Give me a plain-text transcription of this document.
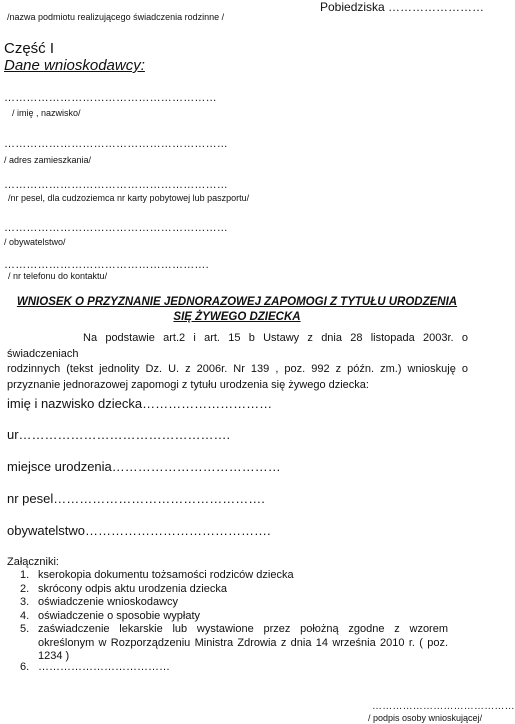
/nazwa podmiotu realizującego świadczenia rodzinne /
Pobiedziska ……………………
Część I
Dane wnioskodawcy:
…………………………………………………
/ imię , nazwisko/
……………………………………………………
/ adres zamieszkania/
……………………………………………………
/nr pesel, dla cudzoziemca nr karty pobytowej lub paszportu/
……………………………………………………
/ obywatelstwo/
……………………………………………….
/ nr telefonu do kontaktu/
WNIOSEK O PRZYZNANIE JEDNORAZOWEJ ZAPOMOGI Z TYTUŁU URODZENIA
SIĘ ŻYWEGO DZIECKA
Na podstawie art.2 i art. 15 b Ustawy z dnia 28 listopada 2003r. o świadczeniach
rodzinnych (tekst jednolity Dz. U. z 2006r. Nr 139 , poz. 992 z późn. zm.) wnioskuję o
przyznanie jednorazowej zapomogi z tytułu urodzenia się żywego dziecka:
imię i nazwisko dziecka…………………………
ur………………………………………….
miejsce urodzenia…………………………………
nr pesel………………………………………….
obywatelstwo…………………………………….
Załączniki:
1. kserokopia dokumentu tożsamości rodziców dziecka
2. skrócony odpis aktu urodzenia dziecka
3. oświadczenie wnioskodawcy
4. oświadczenie o sposobie wypłaty
5. zaświadczenie lekarskie lub wystawione przez położną zgodne z wzorem określonym w Rozporządzeniu Ministra Zdrowia z dnia 14 września 2010 r. ( poz. 1234 )
6. ………………………………
……………………………………
/ podpis osoby wnioskującej/
